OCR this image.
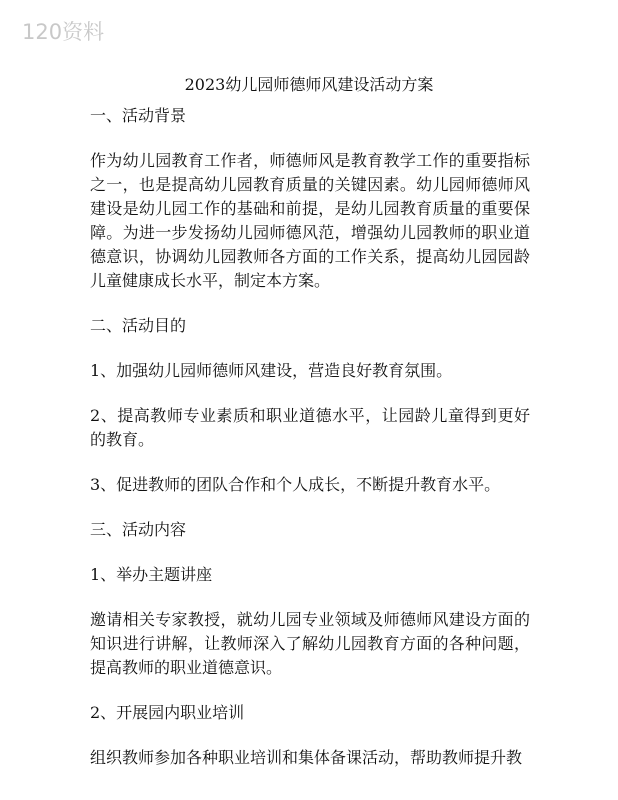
120资料
2023幼儿园师德师风建设活动方案

一、活动背景

作为幼儿园教育工作者，师德师风是教育教学工作的重要指标之一，也是提高幼儿园教育质量的关键因素。幼儿园师德师风建设是幼儿园工作的基础和前提，是幼儿园教育质量的重要保障。为进一步发扬幼儿园师德风范，增强幼儿园教师的职业道德意识，协调幼儿园教师各方面的工作关系，提高幼儿园园龄儿童健康成长水平，制定本方案。

二、活动目的

1、加强幼儿园师德师风建设，营造良好教育氛围。

2、提高教师专业素质和职业道德水平，让园龄儿童得到更好的教育。

3、促进教师的团队合作和个人成长，不断提升教育水平。

三、活动内容

1、举办主题讲座

邀请相关专家教授，就幼儿园专业领域及师德师风建设方面的知识进行讲解，让教师深入了解幼儿园教育方面的各种问题，提高教师的职业道德意识。

2、开展园内职业培训

组织教师参加各种职业培训和集体备课活动，帮助教师提升教
